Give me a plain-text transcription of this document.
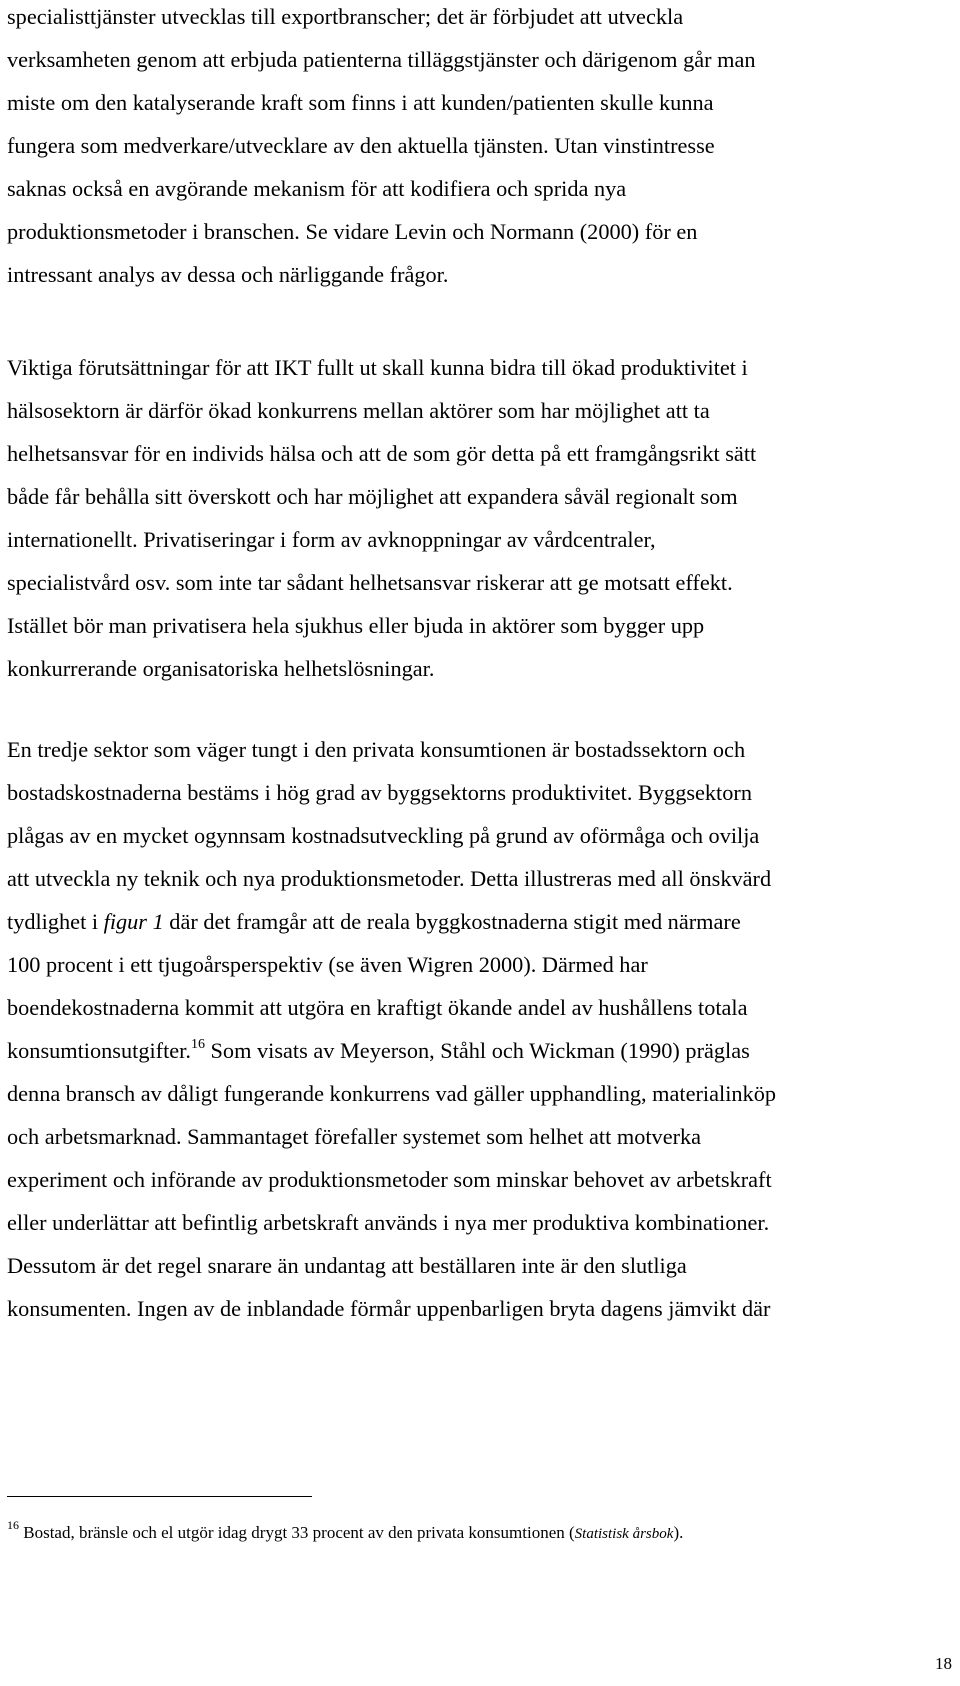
specialisttjänster utvecklas till exportbranscher; det är förbjudet att utveckla
verksamheten genom att erbjuda patienterna tilläggstjänster och därigenom går man
miste om den katalyserande kraft som finns i att kunden/patienten skulle kunna
fungera som medverkare/utvecklare av den aktuella tjänsten. Utan vinstintresse
saknas också en avgörande mekanism för att kodifiera och sprida nya
produktionsmetoder i branschen. Se vidare Levin och Normann (2000) för en
intressant analys av dessa och närliggande frågor.
Viktiga förutsättningar för att IKT fullt ut skall kunna bidra till ökad produktivitet i
hälsosektorn är därför ökad konkurrens mellan aktörer som har möjlighet att ta
helhetsansvar för en individs hälsa och att de som gör detta på ett framgångsrikt sätt
både får behålla sitt överskott och har möjlighet att expandera såväl regionalt som
internationellt. Privatiseringar i form av avknoppningar av vårdcentraler,
specialistvård osv. som inte tar sådant helhetsansvar riskerar att ge motsatt effekt.
Istället bör man privatisera hela sjukhus eller bjuda in aktörer som bygger upp
konkurrerande organisatoriska helhetslösningar.
En tredje sektor som väger tungt i den privata konsumtionen är bostadssektorn och
bostadskostnaderna bestäms i hög grad av byggsektorns produktivitet. Byggsektorn
plågas av en mycket ogynnsam kostnadsutveckling på grund av oförmåga och ovilja
att utveckla ny teknik och nya produktionsmetoder. Detta illustreras med all önskvärd
tydlighet i figur 1 där det framgår att de reala byggkostnaderna stigit med närmare
100 procent i ett tjugoårsperspektiv (se även Wigren 2000). Därmed har
boendekostnaderna kommit att utgöra en kraftigt ökande andel av hushållens totala
konsumtionsutgifter.$^{16}$ Som visats av Meyerson, Ståhl och Wickman (1990) präglas
denna bransch av dåligt fungerande konkurrens vad gäller upphandling, materialinköp
och arbetsmarknad. Sammantaget förefaller systemet som helhet att motverka
experiment och införande av produktionsmetoder som minskar behovet av arbetskraft
eller underlättar att befintlig arbetskraft används i nya mer produktiva kombinationer.
Dessutom är det regel snarare än undantag att beställaren inte är den slutliga
konsumenten. Ingen av de inblandade förmår uppenbarligen bryta dagens jämvikt där
$^{16}$ Bostad, bränsle och el utgör idag drygt 33 procent av den privata konsumtionen (Statistisk årsbok).
18
